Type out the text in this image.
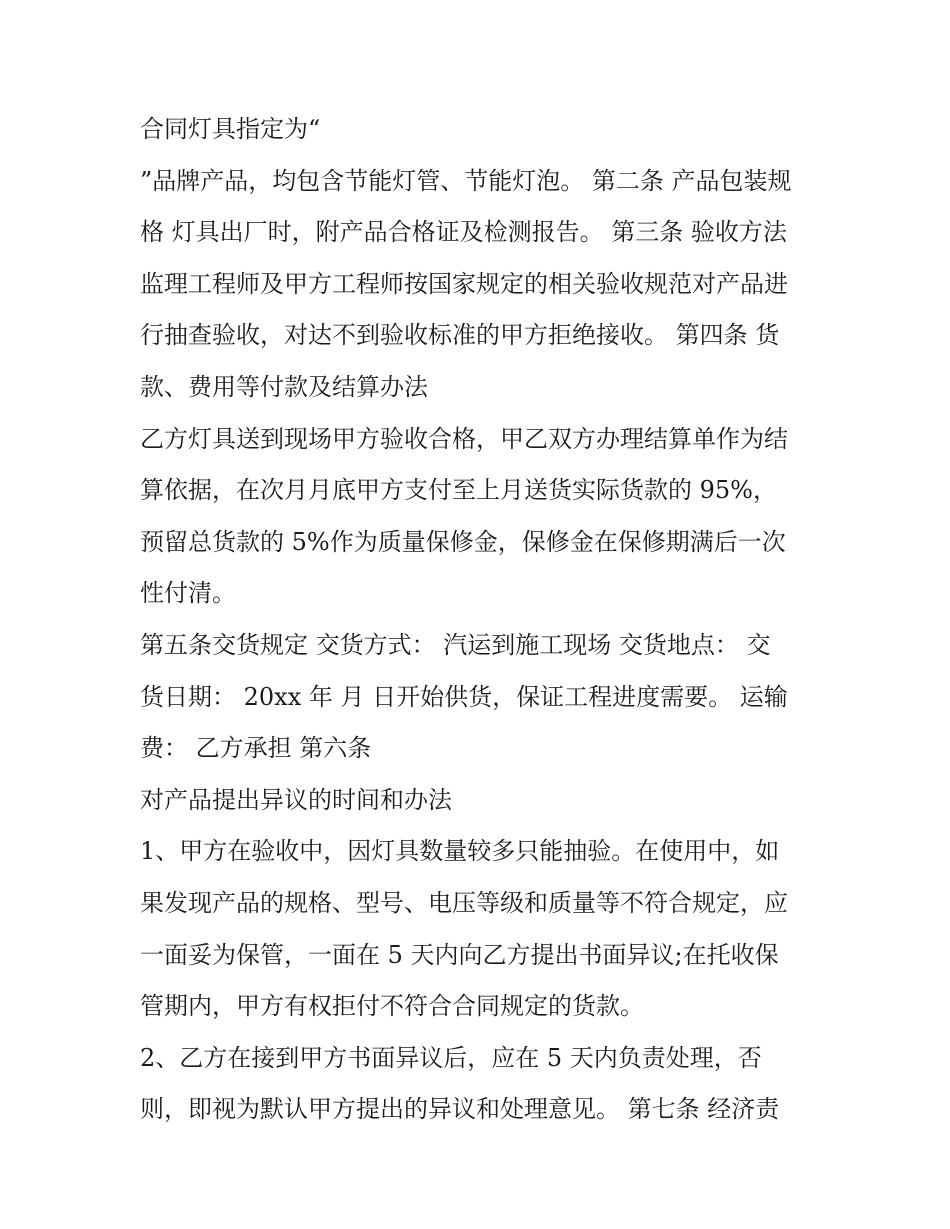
合同灯具指定为“
”品牌产品，均包含节能灯管、节能灯泡。 第二条 产品包装规
格 灯具出厂时，附产品合格证及检测报告。 第三条 验收方法
监理工程师及甲方工程师按国家规定的相关验收规范对产品进
行抽查验收，对达不到验收标准的甲方拒绝接收。 第四条 货
款、费用等付款及结算办法
乙方灯具送到现场甲方验收合格，甲乙双方办理结算单作为结
算依据，在次月月底甲方支付至上月送货实际货款的 95%，
预留总货款的 5%作为质量保修金，保修金在保修期满后一次
性付清。
第五条交货规定 交货方式： 汽运到施工现场 交货地点： 交
货日期： 20xx 年 月 日开始供货，保证工程进度需要。 运输
费： 乙方承担 第六条
对产品提出异议的时间和办法
1、甲方在验收中，因灯具数量较多只能抽验。在使用中，如
果发现产品的规格、型号、电压等级和质量等不符合规定，应
一面妥为保管，一面在 5 天内向乙方提出书面异议;在托收保
管期内，甲方有权拒付不符合合同规定的货款。
2、乙方在接到甲方书面异议后，应在 5 天内负责处理，否
则，即视为默认甲方提出的异议和处理意见。 第七条 经济责
